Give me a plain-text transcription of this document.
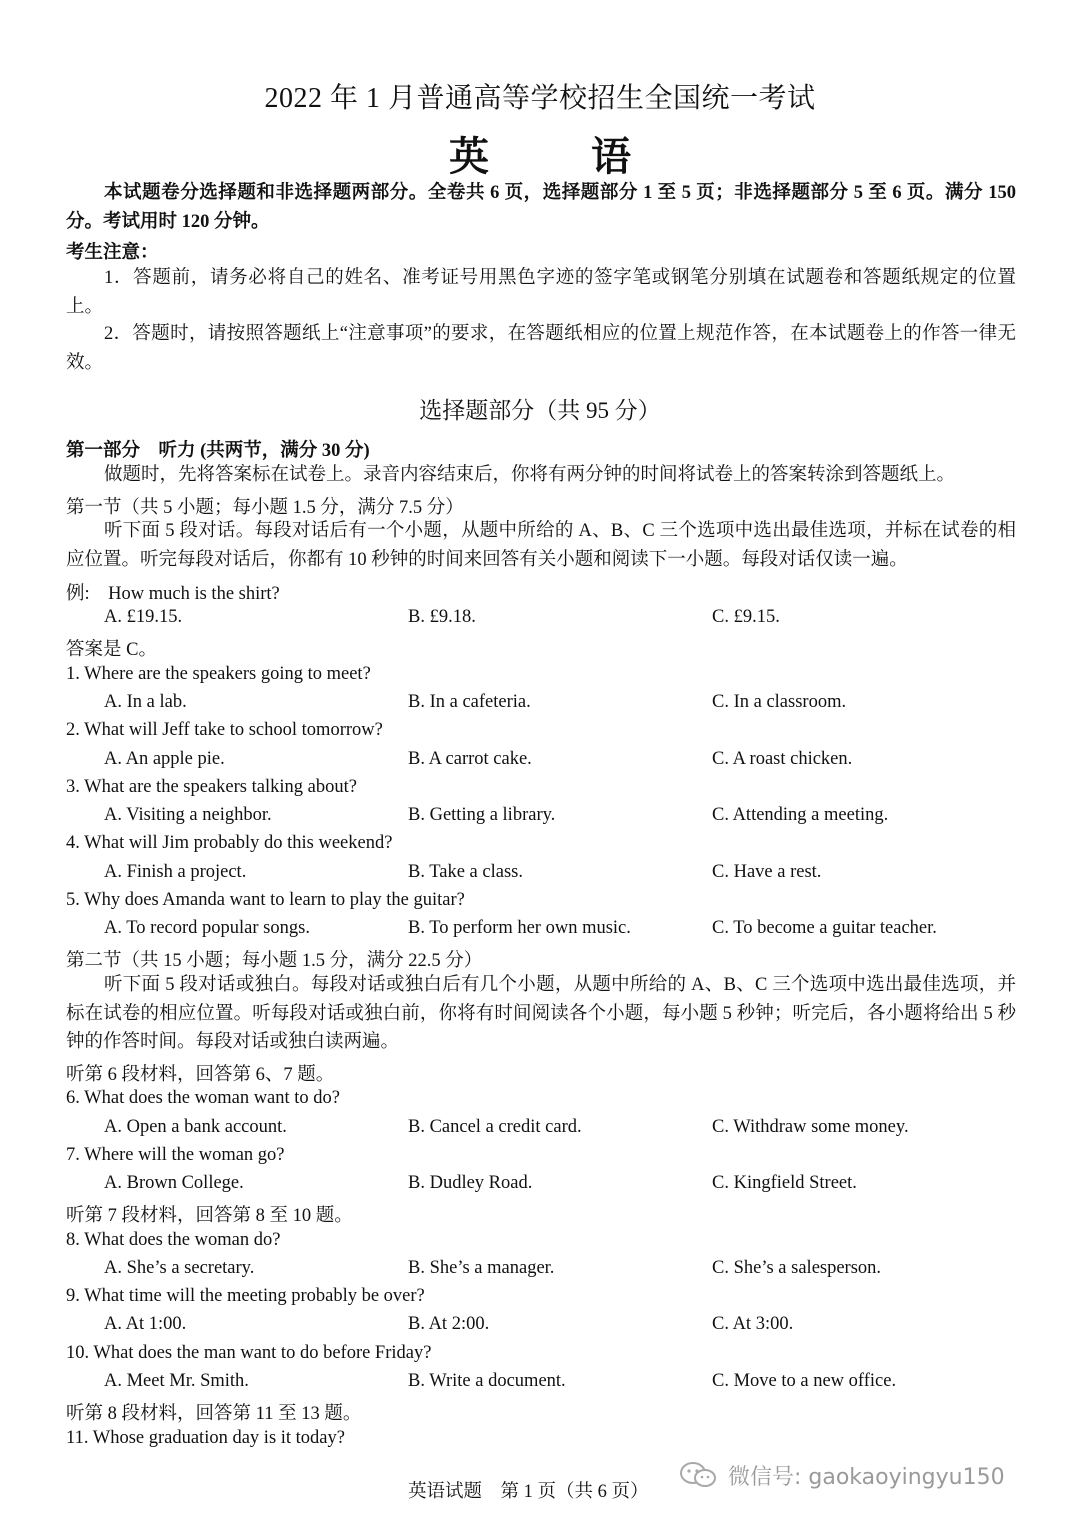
2022 年 1 月普通高等学校招生全国统一考试
英 语
本试题卷分选择题和非选择题两部分。全卷共 6 页，选择题部分 1 至 5 页；非选择题部分 5 至 6 页。满分 150 分。考试用时 120 分钟。
考生注意：
1．答题前，请务必将自己的姓名、准考证号用黑色字迹的签字笔或钢笔分别填在试题卷和答题纸规定的位置上。
2．答题时，请按照答题纸上“注意事项”的要求，在答题纸相应的位置上规范作答，在本试题卷上的作答一律无效。
选择题部分（共 95 分）
第一部分　听力 (共两节，满分 30 分)
做题时，先将答案标在试卷上。录音内容结束后，你将有两分钟的时间将试卷上的答案转涂到答题纸上。
第一节（共 5 小题；每小题 1.5 分，满分 7.5 分）
听下面 5 段对话。每段对话后有一个小题，从题中所给的 A、B、C 三个选项中选出最佳选项，并标在试卷的相应位置。听完每段对话后，你都有 10 秒钟的时间来回答有关小题和阅读下一小题。每段对话仅读一遍。
例:　How much is the shirt?
A. £19.15.	B. £9.18.	C. £9.15.
答案是 C。
1. Where are the speakers going to meet?
A. In a lab.	B. In a cafeteria.	C. In a classroom.
2. What will Jeff take to school tomorrow?
A. An apple pie.	B. A carrot cake.	C. A roast chicken.
3. What are the speakers talking about?
A. Visiting a neighbor.	B. Getting a library.	C. Attending a meeting.
4. What will Jim probably do this weekend?
A. Finish a project.	B. Take a class.	C. Have a rest.
5. Why does Amanda want to learn to play the guitar?
A. To record popular songs.	B. To perform her own music.	C. To become a guitar teacher.
第二节（共 15 小题；每小题 1.5 分，满分 22.5 分）
听下面 5 段对话或独白。每段对话或独白后有几个小题，从题中所给的 A、B、C 三个选项中选出最佳选项，并标在试卷的相应位置。听每段对话或独白前，你将有时间阅读各个小题，每小题 5 秒钟；听完后，各小题将给出 5 秒钟的作答时间。每段对话或独白读两遍。
听第 6 段材料，回答第 6、7 题。
6. What does the woman want to do?
A. Open a bank account.	B. Cancel a credit card.	C. Withdraw some money.
7. Where will the woman go?
A. Brown College.	B. Dudley Road.	C. Kingfield Street.
听第 7 段材料，回答第 8 至 10 题。
8. What does the woman do?
A. She’s a secretary.	B. She’s a manager.	C. She’s a salesperson.
9. What time will the meeting probably be over?
A. At 1:00.	B. At 2:00.	C. At 3:00.
10. What does the man want to do before Friday?
A. Meet Mr. Smith.	B. Write a document.	C. Move to a new office.
听第 8 段材料，回答第 11 至 13 题。
11. Whose graduation day is it today?
英语试题　第 1 页（共 6 页）
微信号: gaokaoyingyu150
